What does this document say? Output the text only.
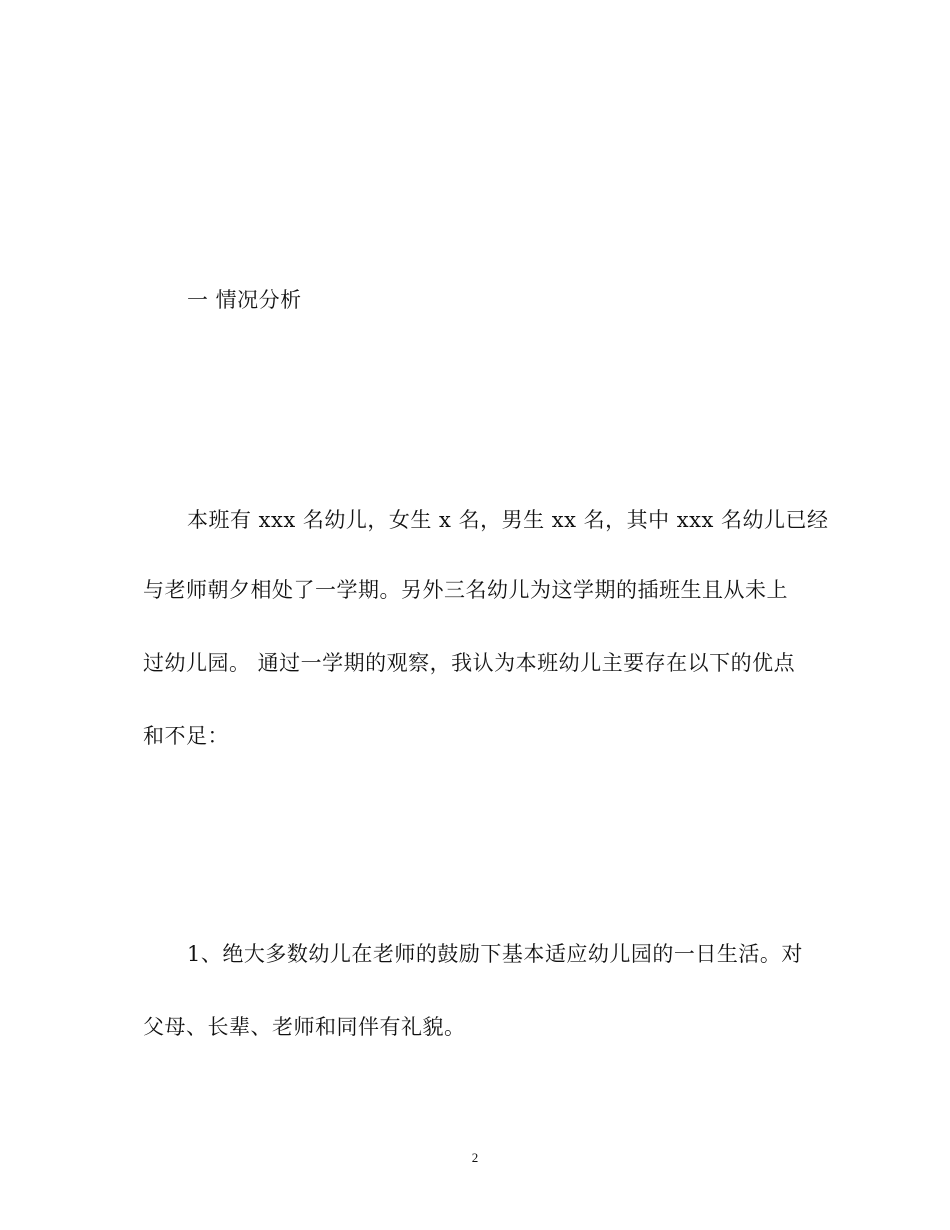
一 情况分析
本班有 xxx 名幼儿，女生 x 名，男生 xx 名，其中 xxx 名幼儿已经
与老师朝夕相处了一学期。另外三名幼儿为这学期的插班生且从未上
过幼儿园。 通过一学期的观察，我认为本班幼儿主要存在以下的优点
和不足：
1、绝大多数幼儿在老师的鼓励下基本适应幼儿园的一日生活。对
父母、长辈、老师和同伴有礼貌。
2
